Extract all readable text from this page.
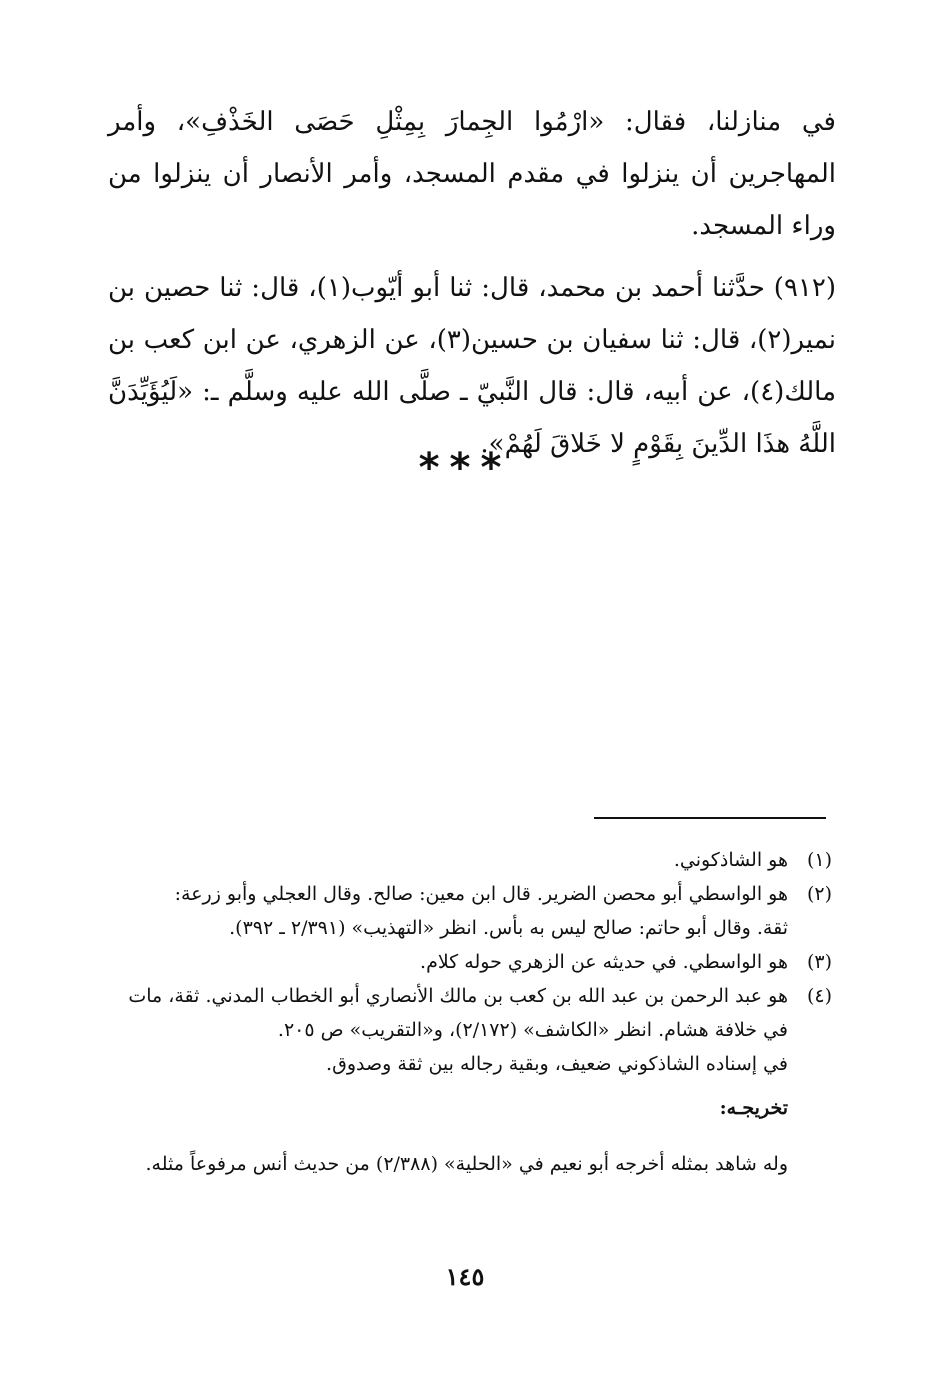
في منازلنا، فقال: «ارْمُوا الجِمارَ بِمِثْلِ حَصَى الخَذْفِ»، وأمر المهاجرين أن ينزلوا في مقدم المسجد، وأمر الأنصار أن ينزلوا من وراء المسجد.

(٩١٢) حدَّثنا أحمد بن محمد، قال: ثنا أبو أيّوب(١)، قال: ثنا حصين بن نمير(٢)، قال: ثنا سفيان بن حسين(٣)، عن الزهري، عن ابن كعب بن مالك(٤)، عن أبيه، قال: قال النَّبيّ ـ صلَّى الله عليه وسلَّم ـ: «لَيُؤَيِّدَنَّ اللَّهُ هذَا الدِّينَ بِقَوْمٍ لا خَلاقَ لَهُمْ».

***
(١)
هو الشاذكوني.
(٢)
هو الواسطي أبو محصن الضرير. قال ابن معين: صالح. وقال العجلي وأبو زرعة:
ثقة. وقال أبو حاتم: صالح ليس به بأس. انظر «التهذيب» (٢/٣٩١ ـ ٣٩٢).
(٣)
هو الواسطي. في حديثه عن الزهري حوله كلام.
(٤)
هو عبد الرحمن بن عبد الله بن كعب بن مالك الأنصاري أبو الخطاب المدني. ثقة، مات
في خلافة هشام. انظر «الكاشف» (٢/١٧٢)، و«التقريب» ص ٢٠٥.
في إسناده الشاذكوني ضعيف، وبقية رجاله بين ثقة وصدوق.
تخريجـه:
وله شاهد بمثله أخرجه أبو نعيم في «الحلية» (٢/٣٨٨) من حديث أنس مرفوعاً مثله.
١٤٥
